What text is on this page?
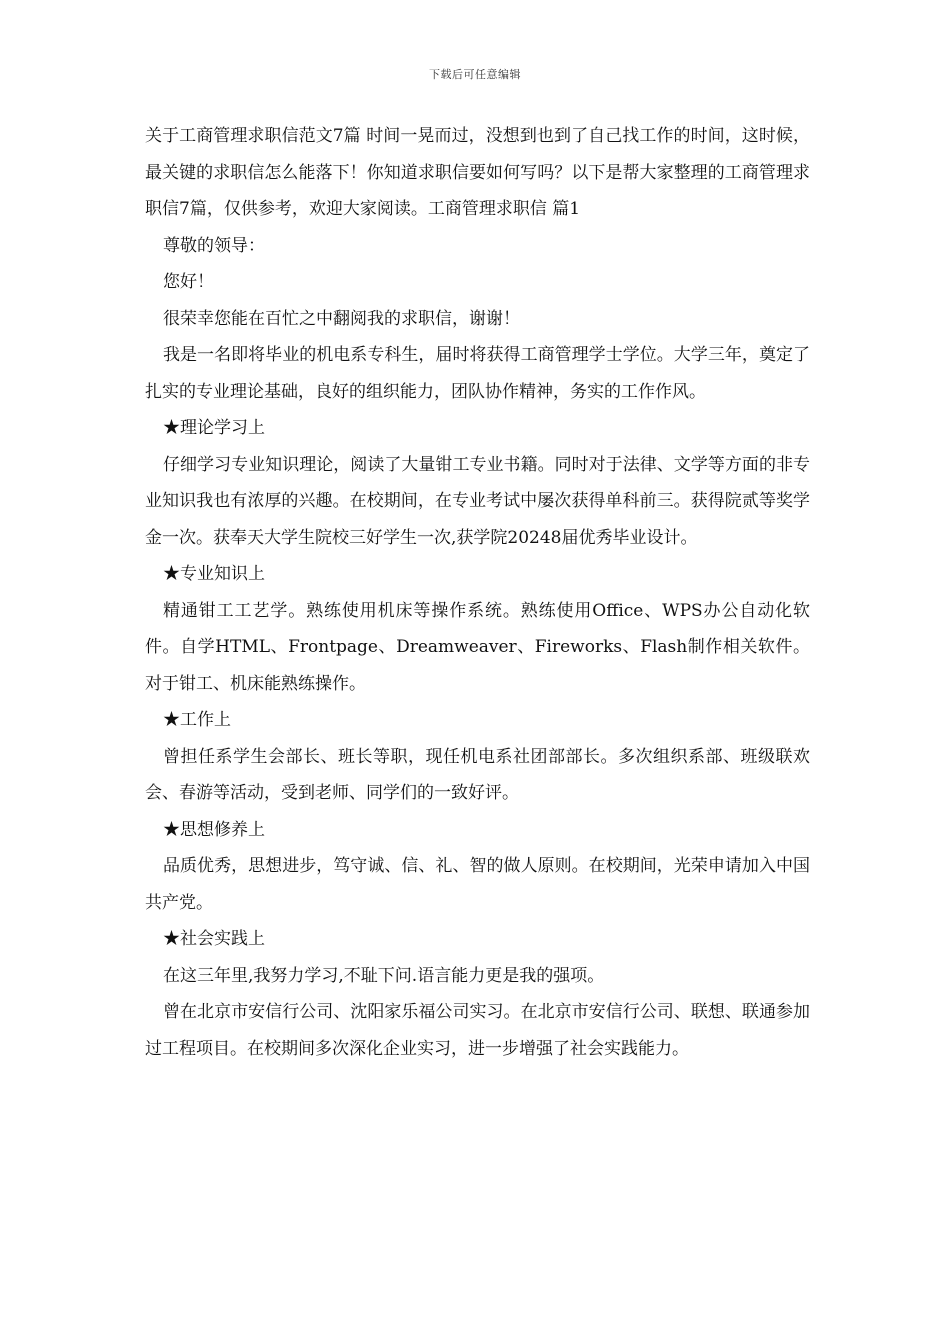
下载后可任意编辑

关于工商管理求职信范文7篇 时间一晃而过，没想到也到了自己找工作的时间，这时候，最关键的求职信怎么能落下！你知道求职信要如何写吗？以下是帮大家整理的工商管理求职信7篇，仅供参考，欢迎大家阅读。工商管理求职信 篇1

尊敬的领导：

您好！

很荣幸您能在百忙之中翻阅我的求职信，谢谢！

我是一名即将毕业的机电系专科生，届时将获得工商管理学士学位。大学三年，奠定了扎实的专业理论基础，良好的组织能力，团队协作精神，务实的工作作风。

★理论学习上

仔细学习专业知识理论，阅读了大量钳工专业书籍。同时对于法律、文学等方面的非专业知识我也有浓厚的兴趣。在校期间，在专业考试中屡次获得单科前三。获得院贰等奖学金一次。获奉天大学生院校三好学生一次,获学院20248届优秀毕业设计。

★专业知识上

精通钳工工艺学。熟练使用机床等操作系统。熟练使用Office、WPS办公自动化软件。自学HTML、Frontpage、Dreamweaver、Fireworks、Flash制作相关软件。对于钳工、机床能熟练操作。

★工作上

曾担任系学生会部长、班长等职，现任机电系社团部部长。多次组织系部、班级联欢会、春游等活动，受到老师、同学们的一致好评。

★思想修养上

品质优秀，思想进步，笃守诚、信、礼、智的做人原则。在校期间，光荣申请加入中国共产党。

★社会实践上

在这三年里,我努力学习,不耻下问.语言能力更是我的强项。

曾在北京市安信行公司、沈阳家乐福公司实习。在北京市安信行公司、联想、联通参加过工程项目。在校期间多次深化企业实习，进一步增强了社会实践能力。
